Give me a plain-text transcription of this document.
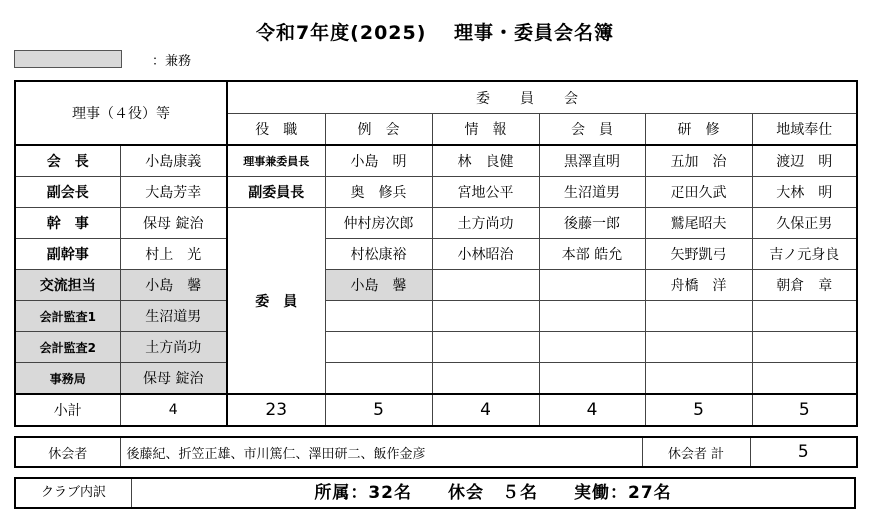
令和7年度(2025)　 理事・委員会名簿
：兼務
理事（４役）等		委員会					
		役　職	例　会	情　報	会　員	研　修	地域奉仕
会　長	小島康義	理事兼委員長	小島　明	林　良健	黒澤直明	五加　治	渡辺　明
副会長	大島芳幸	副委員長	奥　修兵	宮地公平	生沼道男	疋田久武	大林　明
幹　事	保母 錠治	委　員	仲村房次郎	土方尚功	後藤一郎	鷲尾昭夫	久保正男
副幹事	村上　光		村松康裕	小林昭治	本部 皓允	矢野凱弓	吉ノ元身良
交流担当	小島　馨		小島　馨			舟橋　洋	朝倉　章
会計監査1	生沼道男						
会計監査2	土方尚功						
事務局	保母 錠治						
小計	4	23	5	4	4	5	5
休会者	後藤紀、折笠正雄、市川篤仁、澤田研二、飯作金彦	休会者 計	5
クラブ内訳	所属：32名　　休会　５名　　実働：27名
